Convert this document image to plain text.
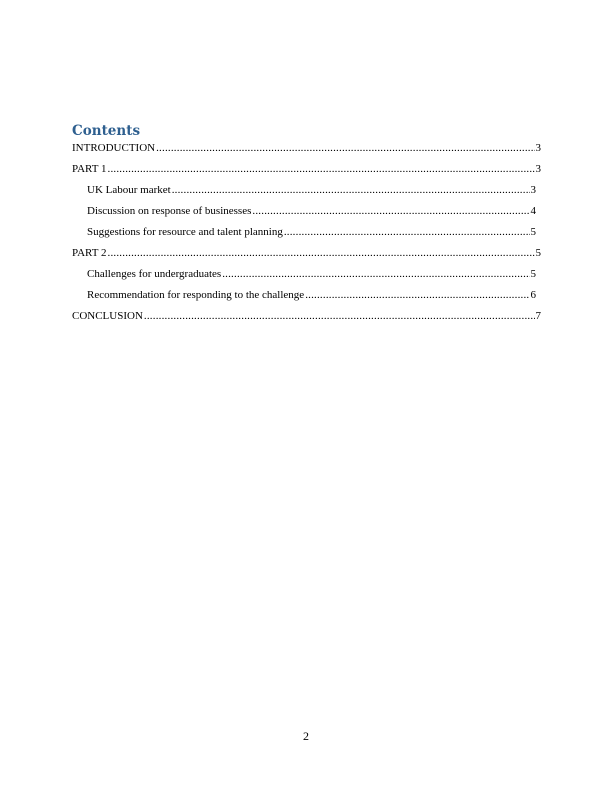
Contents
INTRODUCTION .....	3
PART 1 .....	3
UK Labour market .....	3
Discussion on response of businesses .....	4
Suggestions for resource and talent planning .....	5
PART 2 .....	5
Challenges for undergraduates .....	5
Recommendation for responding to the challenge .....	6
CONCLUSION .....	7
2
